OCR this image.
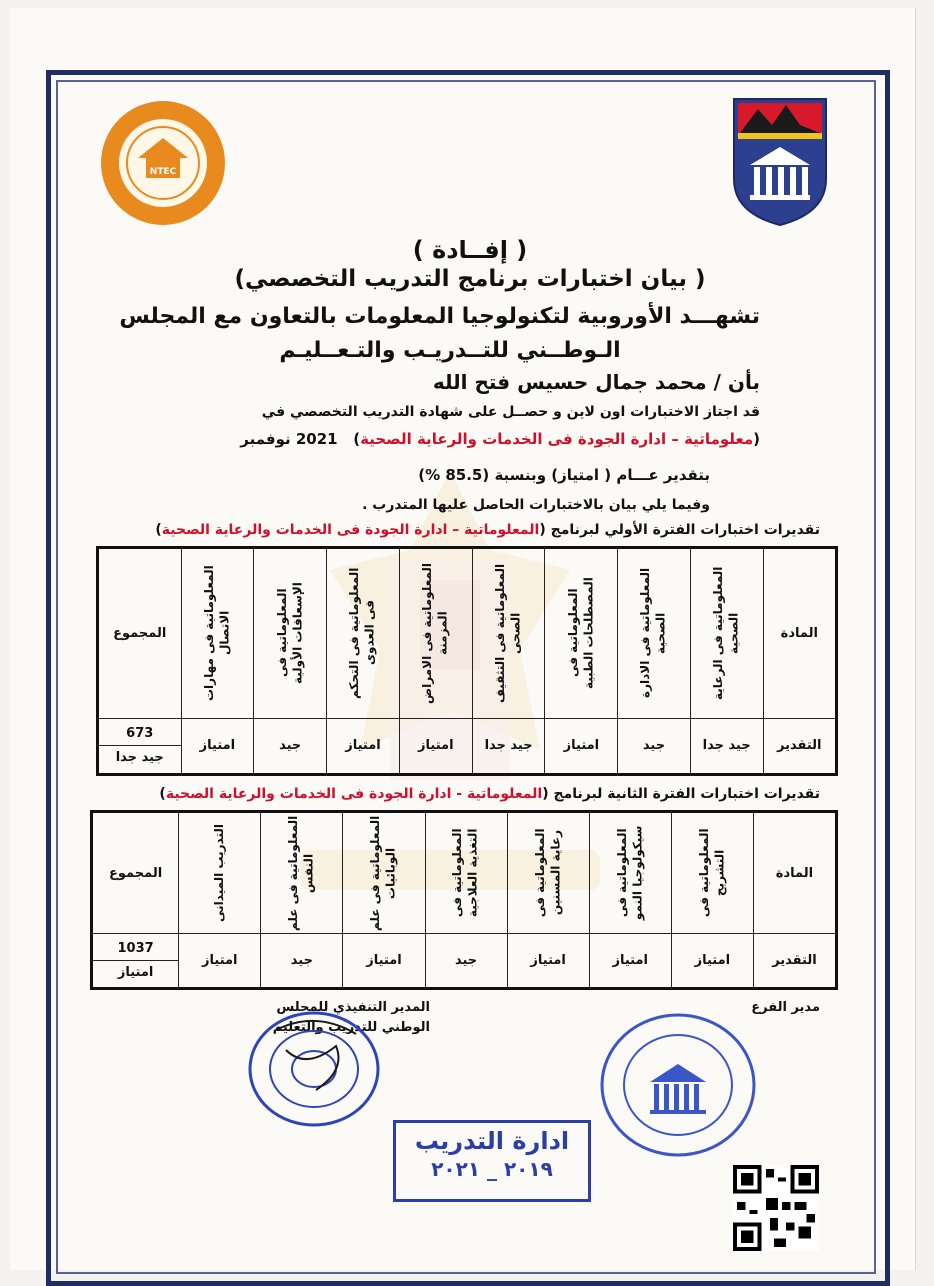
NTEC
( إفــادة )
( بيان اختبارات برنامج التدريب التخصصي)
تشهـــد الأوروبية لتكنولوجيا المعلومات بالتعاون مع المجلس
الـوطــني للتــدريـب والتـعــليـم
بأن / محمد جمال حسيس فتح الله
قد اجتاز الاختبارات اون لاين و حصــل على شهادة التدريب التخصصي في
(معلوماتية – ادارة الجودة فى الخدمات والرعاية الصحية)   2021 نوفمبر
بتقدير عـــام ( امتياز) وبنسبة (85.5 %)
وفيما يلي بيان بالاختبارات الحاصل عليها المتدرب .
تقديرات اختبارات الفترة الأولي لبرنامج (المعلوماتية – ادارة الجودة فى الخدمات والرعاية الصحية)
المادة	المعلوماتية فى الرعاية الصحية	المعلوماتية فى الادارة الصحية	المعلوماتية فى المصطلحات الطبية	المعلوماتية فى التثقيف الصحى	المعلوماتية فى الامراض المزمنة	المعلوماتية فى التحكم فى العدوى	المعلوماتية فى الإسعافات الأولية	المعلوماتية فى مهارات الاتصال	المجموع
التقدير	جيد جدا	جيد	امتياز	جيد جدا	امتياز	امتياز	جيد	امتياز	673
جيد جدا
تقديرات اختبارات الفترة الثانية لبرنامج (المعلوماتية - ادارة الجودة فى الخدمات والرعاية الصحية)
المادة	المعلوماتية فى التشريح	المعلوماتية فى سيكولوجيا النمو	المعلوماتية فى رعاية المسنين	المعلوماتية فى التغذية العلاجية	المعلوماتية فى علم الوبائيات	المعلوماتية فى علم النفس	التدريب الميدانى	المجموع
التقدير	امتياز	امتياز	امتياز	جيد	امتياز	جيد	امتياز	1037
امتياز
مدير الفرع
المدير التنفيذي للمجلس
الوطني للتدريب والتعليم
ادارة التدريب
٢٠١٩ _ ٢٠٢١
